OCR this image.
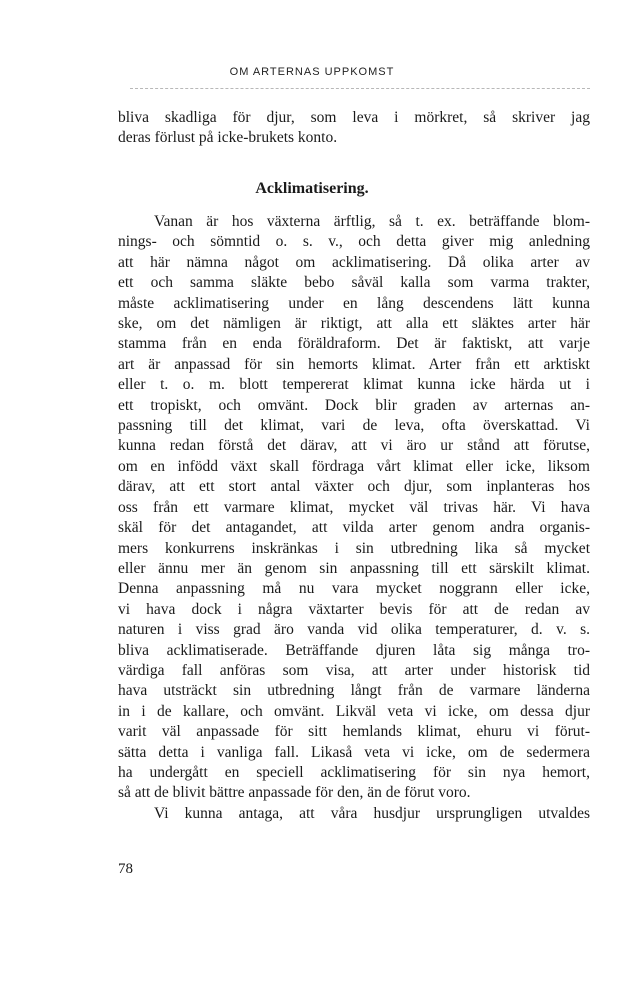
OM ARTERNAS UPPKOMST
bliva skadliga för djur, som leva i mörkret, så skriver jag
deras förlust på icke-brukets konto.
Acklimatisering.
Vanan är hos växterna ärftlig, så t. ex. beträffande blom-
nings- och sömntid o. s. v., och detta giver mig anledning
att här nämna något om acklimatisering. Då olika arter av
ett och samma släkte bebo såväl kalla som varma trakter,
måste acklimatisering under en lång descendens lätt kunna
ske, om det nämligen är riktigt, att alla ett släktes arter här
stamma från en enda föräldraform. Det är faktiskt, att varje
art är anpassad för sin hemorts klimat. Arter från ett arktiskt
eller t. o. m. blott tempererat klimat kunna icke härda ut i
ett tropiskt, och omvänt. Dock blir graden av arternas an-
passning till det klimat, vari de leva, ofta överskattad. Vi
kunna redan förstå det därav, att vi äro ur stånd att förutse,
om en infödd växt skall fördraga vårt klimat eller icke, liksom
därav, att ett stort antal växter och djur, som inplanteras hos
oss från ett varmare klimat, mycket väl trivas här. Vi hava
skäl för det antagandet, att vilda arter genom andra organis-
mers konkurrens inskränkas i sin utbredning lika så mycket
eller ännu mer än genom sin anpassning till ett särskilt klimat.
Denna anpassning må nu vara mycket noggrann eller icke,
vi hava dock i några växtarter bevis för att de redan av
naturen i viss grad äro vanda vid olika temperaturer, d. v. s.
bliva acklimatiserade. Beträffande djuren låta sig många tro-
värdiga fall anföras som visa, att arter under historisk tid
hava utsträckt sin utbredning långt från de varmare länderna
in i de kallare, och omvänt. Likväl veta vi icke, om dessa djur
varit väl anpassade för sitt hemlands klimat, ehuru vi förut-
sätta detta i vanliga fall. Likaså veta vi icke, om de sedermera
ha undergått en speciell acklimatisering för sin nya hemort,
så att de blivit bättre anpassade för den, än de förut voro.
Vi kunna antaga, att våra husdjur ursprungligen utvaldes
78
